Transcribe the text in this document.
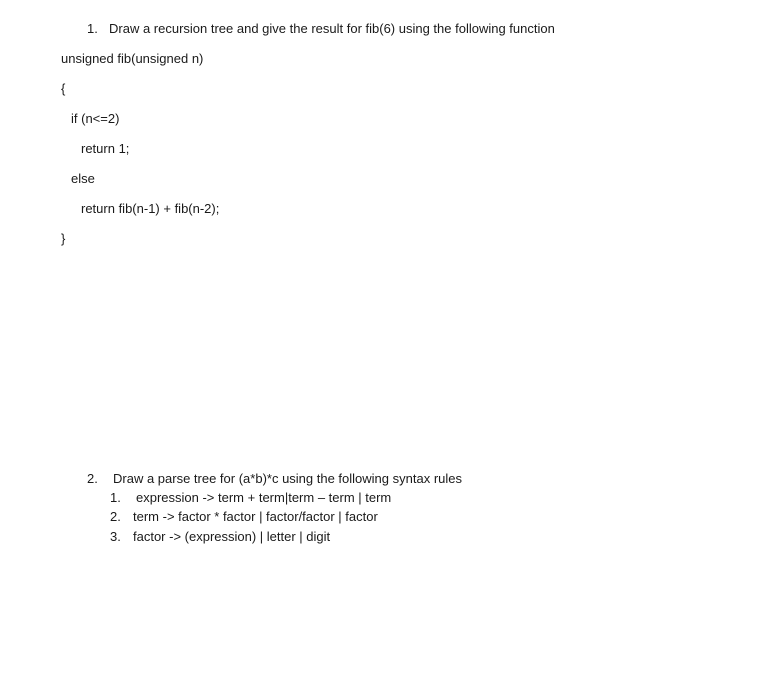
1. Draw a recursion tree and give the result for fib(6) using the following function
unsigned fib(unsigned n)
{
if (n<=2)
return 1;
else
return fib(n-1) + fib(n-2);
}
2. Draw a parse tree for (a*b)*c using the following syntax rules
1. expression -> term + term|term – term | term
2. term -> factor * factor | factor/factor | factor
3. factor -> (expression) | letter | digit
